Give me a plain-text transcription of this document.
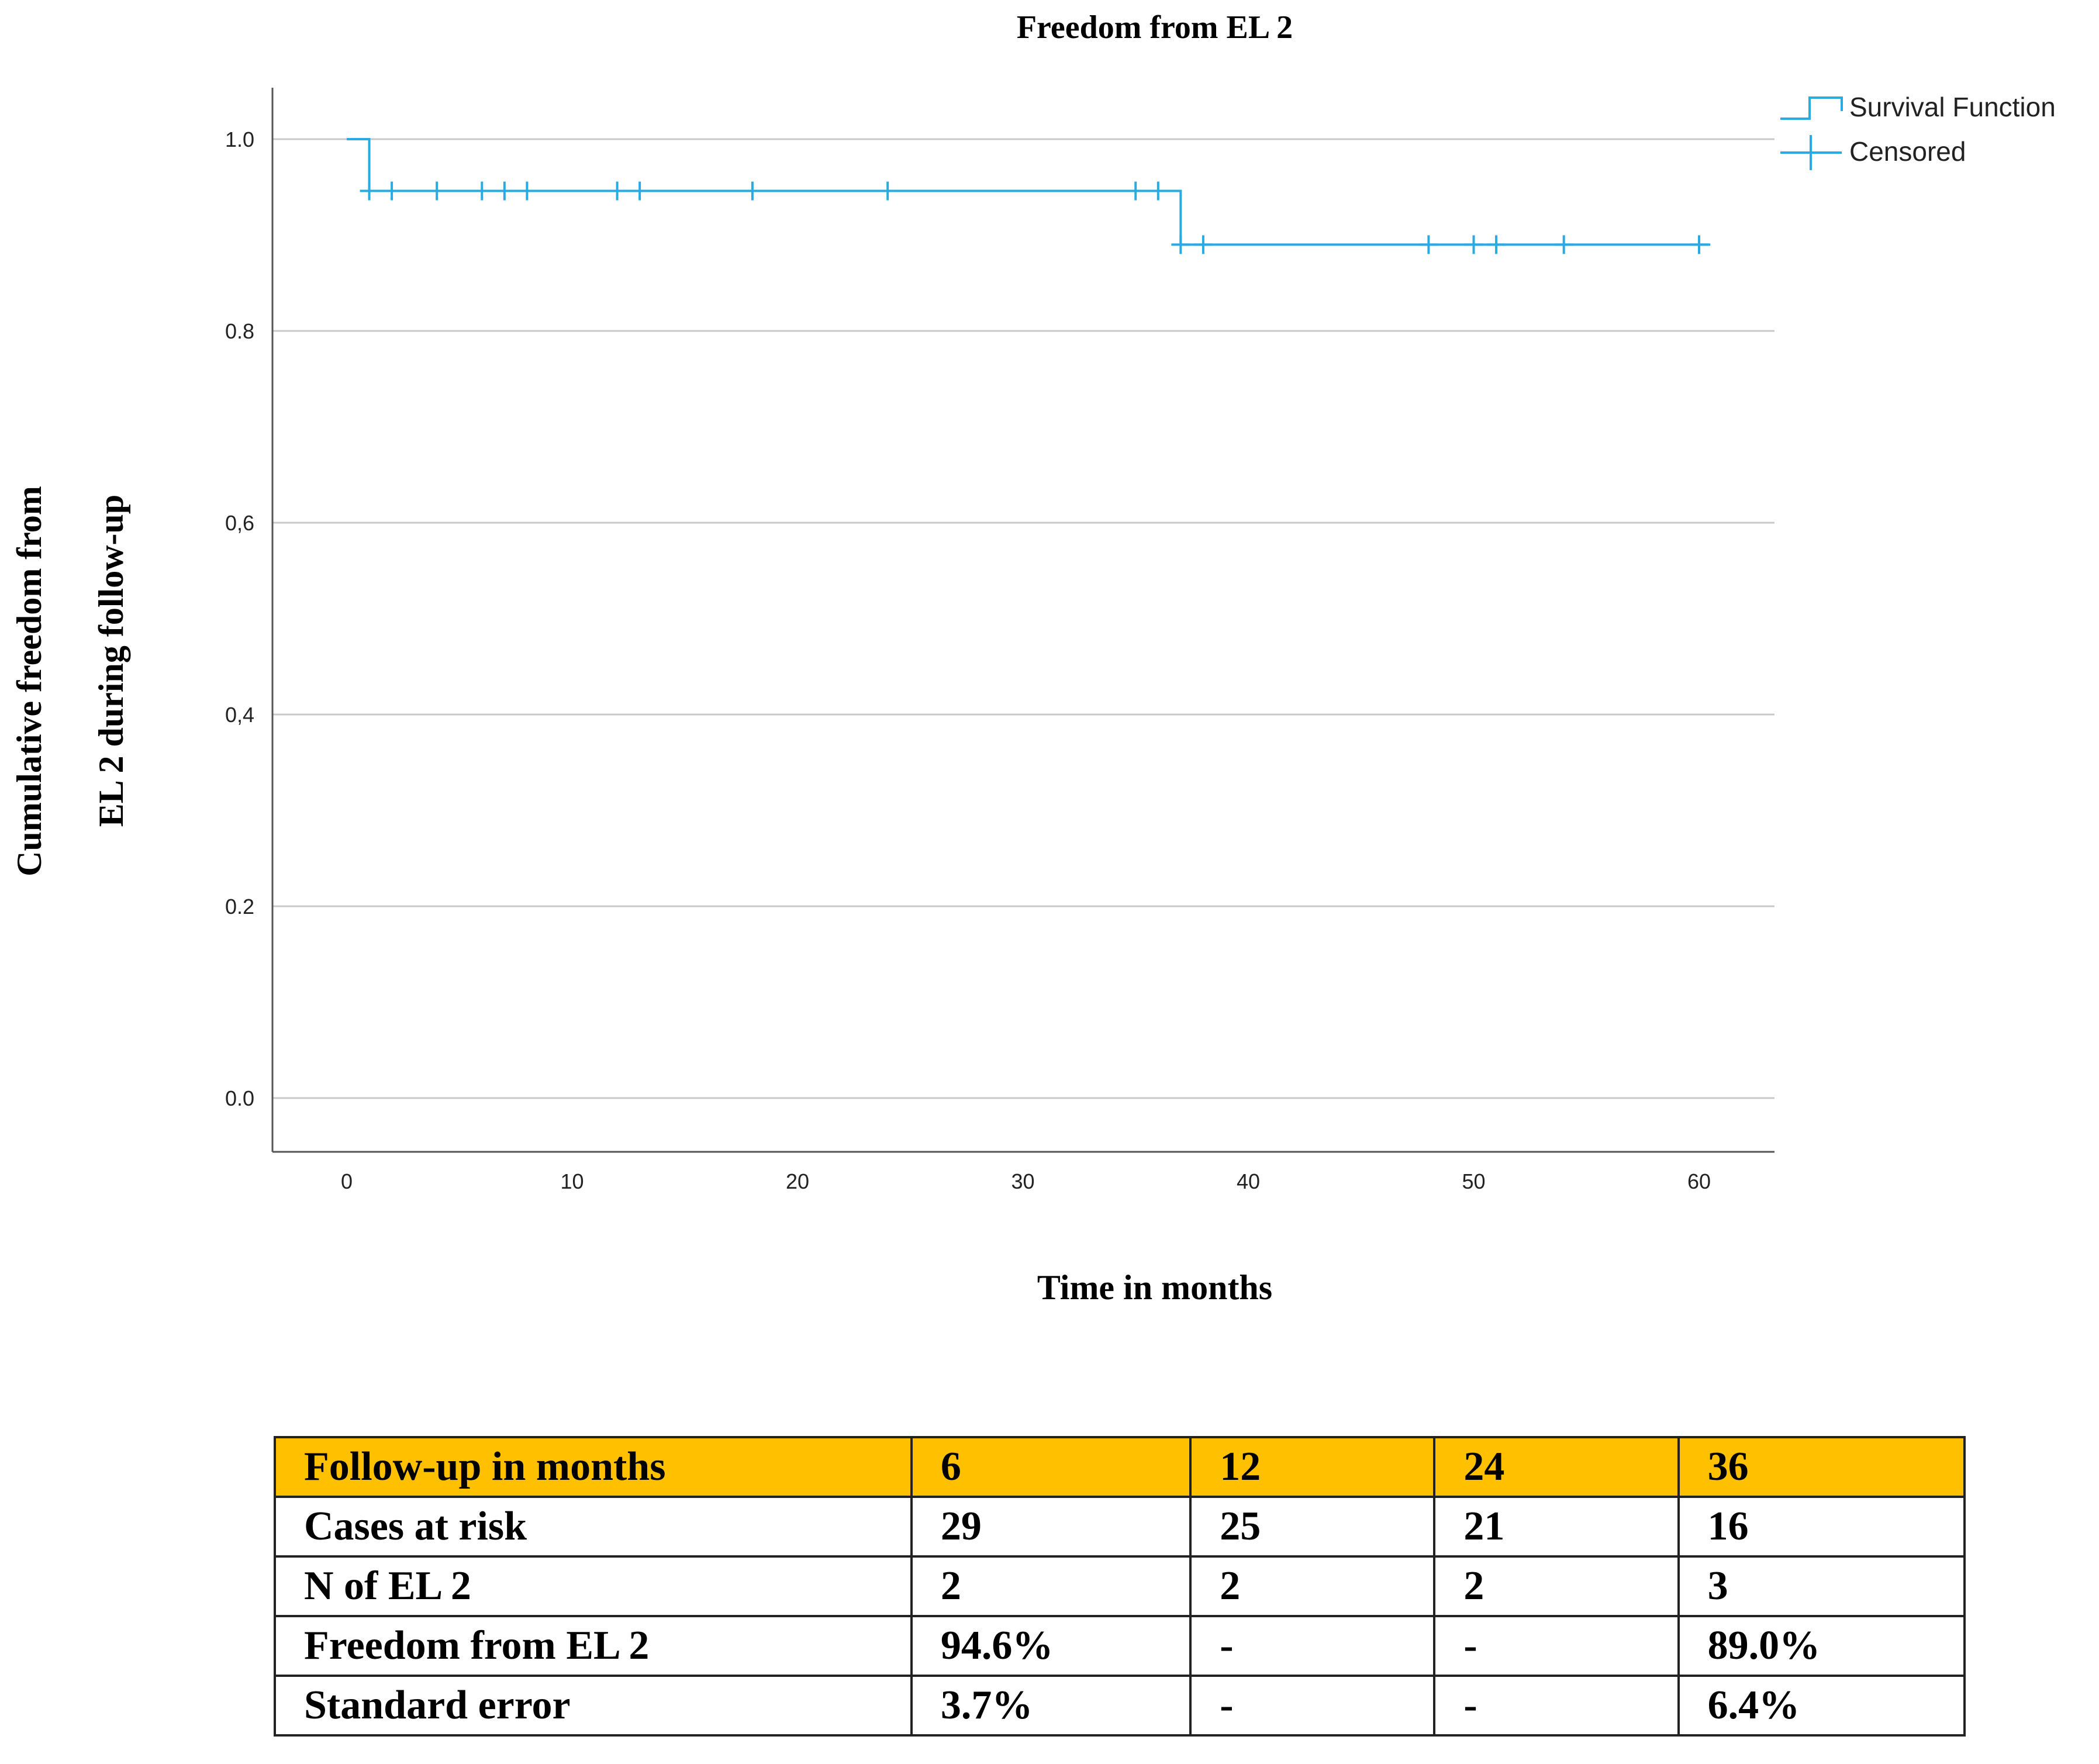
0.0
0.2
0,4
0,6
0.8
1.0
0	10	20	30	40	50	60
Freedom from EL 2
Time in months
Cumulative freedom from EL 2 during follow-up
Survival Function
Censored
Follow-up in months	6	12	24	36
Cases at risk	29	25	21	16
N of EL 2	2	2	2	3
Freedom from EL 2	94.6%	-	-	89.0%
Standard error	3.7%	-	-	6.4%
